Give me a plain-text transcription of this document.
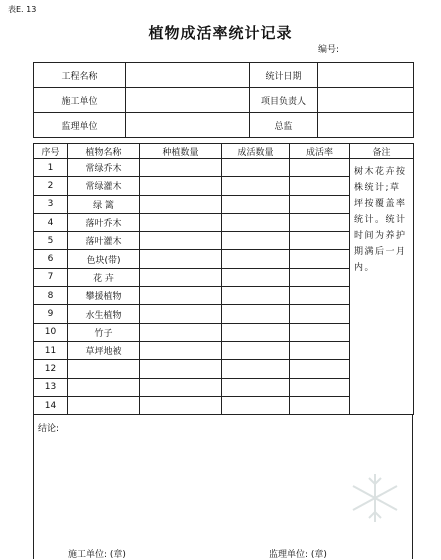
表E. 13
植物成活率统计记录
编号:
工程名称		统计日期	
施工单位		项目负责人	
监理单位		总监	
序号	植物名称	种植数量	成活数量	成活率	备注
1	常绿乔木				树木花卉按株统计;草坪按覆盖率统计。统计时间为养护期满后一月内。
2	常绿灌木				
3	绿 篱				
4	落叶乔木				
5	落叶灌木				
6	色块(带)				
7	花 卉				
8	攀援植物				
9	水生植物				
10	竹子				
11	草坪地被				
12					
13					
14					
结论:
施工单位: (章)	监理单位: (章)
